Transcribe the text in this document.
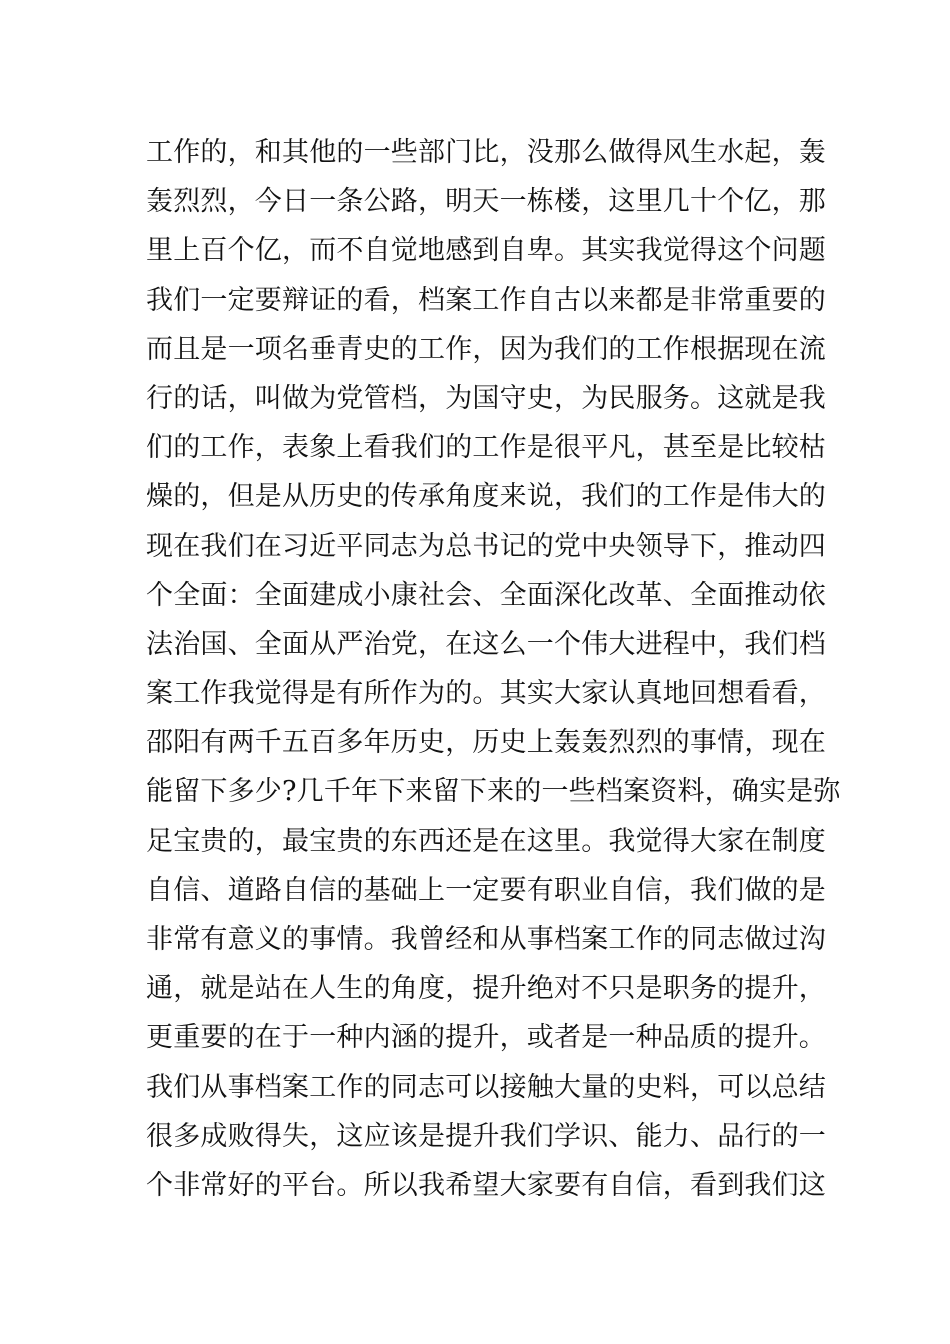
工作的，和其他的一些部门比，没那么做得风生水起，轰
轰烈烈，今日一条公路，明天一栋楼，这里几十个亿，那
里上百个亿，而不自觉地感到自卑。其实我觉得这个问题
我们一定要辩证的看，档案工作自古以来都是非常重要的
而且是一项名垂青史的工作，因为我们的工作根据现在流
行的话，叫做为党管档，为国守史，为民服务。这就是我
们的工作，表象上看我们的工作是很平凡，甚至是比较枯
燥的，但是从历史的传承角度来说，我们的工作是伟大的
现在我们在习近平同志为总书记的党中央领导下，推动四
个全面：全面建成小康社会、全面深化改革、全面推动依
法治国、全面从严治党，在这么一个伟大进程中，我们档
案工作我觉得是有所作为的。其实大家认真地回想看看，
邵阳有两千五百多年历史，历史上轰轰烈烈的事情，现在
能留下多少?几千年下来留下来的一些档案资料，确实是弥
足宝贵的，最宝贵的东西还是在这里。我觉得大家在制度
自信、道路自信的基础上一定要有职业自信，我们做的是
非常有意义的事情。我曾经和从事档案工作的同志做过沟
通，就是站在人生的角度，提升绝对不只是职务的提升，
更重要的在于一种内涵的提升，或者是一种品质的提升。
我们从事档案工作的同志可以接触大量的史料，可以总结
很多成败得失，这应该是提升我们学识、能力、品行的一
个非常好的平台。所以我希望大家要有自信，看到我们这
